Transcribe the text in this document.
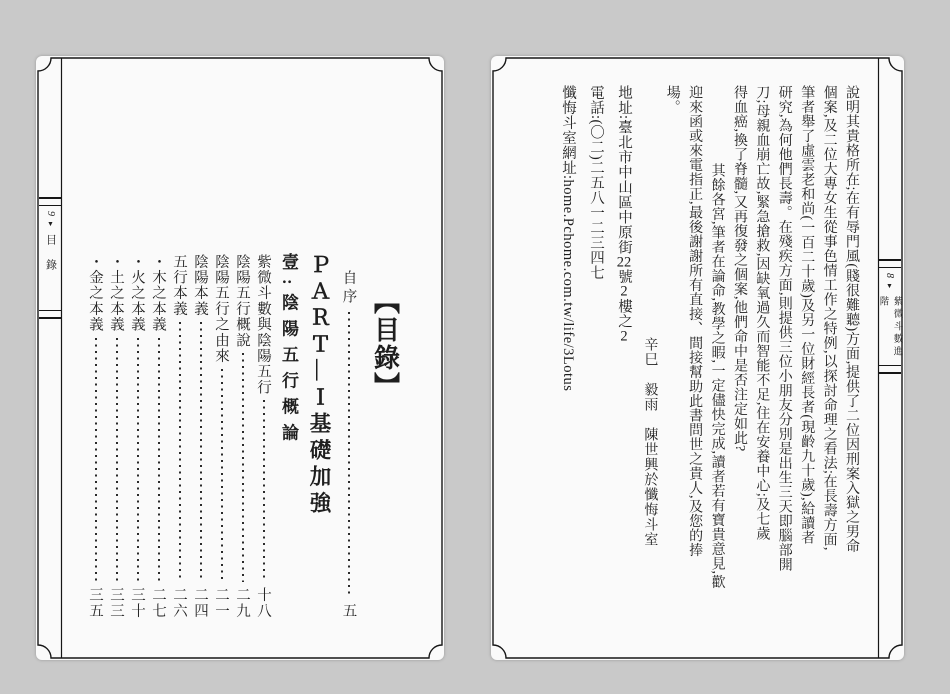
9
▼
目錄
【目錄】
自序
五
ＰＡＲＴ—Ｉ基礎加強
壹:陰陽五行概論
紫微斗數與陰陽五行
十八
陰陽五行概說
二九
陰陽五行之由來
二一
陰陽本義
二四
五行本義
二六
・木之本義
二七
・火之本義
三十
・土之本義
三三
・金之本義
三五
8
▼
紫微斗數進階

說明其貴格所在;在有辱門風(賤很難聽)方面,提供了二位因刑案入獄之男命

個案,及二位大專女生從事色情工作之特例,以探討命理之看法;在長壽方面,

筆者舉了虛雲老和尚(一百二十歲)及另一位財經長者(現齡九十歲),給讀者

研究,為何他們長壽。在殘疾方面,則提供三位小朋友分別是出生三天即腦部開

刀;母親血崩亡故,緊急搶救,因缺氧過久而智能不足,住在安養中心;及七歲

得血癌,換了脊髓,又再復發之個案,他們命中是否注定如此?

其餘各宮,筆者在論命,教學之暇,一定儘快完成,讀者若有寶貴意見,歡

迎來函或來電指正,最後謝謝所有直接、間接幫助此書問世之貴人,及您的捧

場。

辛巳　毅雨　陳世興於懺悔斗室

地址:臺北市中山區中原街22號2樓之2

電話:(〇二)二五八一二三四七

懺悔斗室網址:home.Pchome.com.tw/life/3Lotus
